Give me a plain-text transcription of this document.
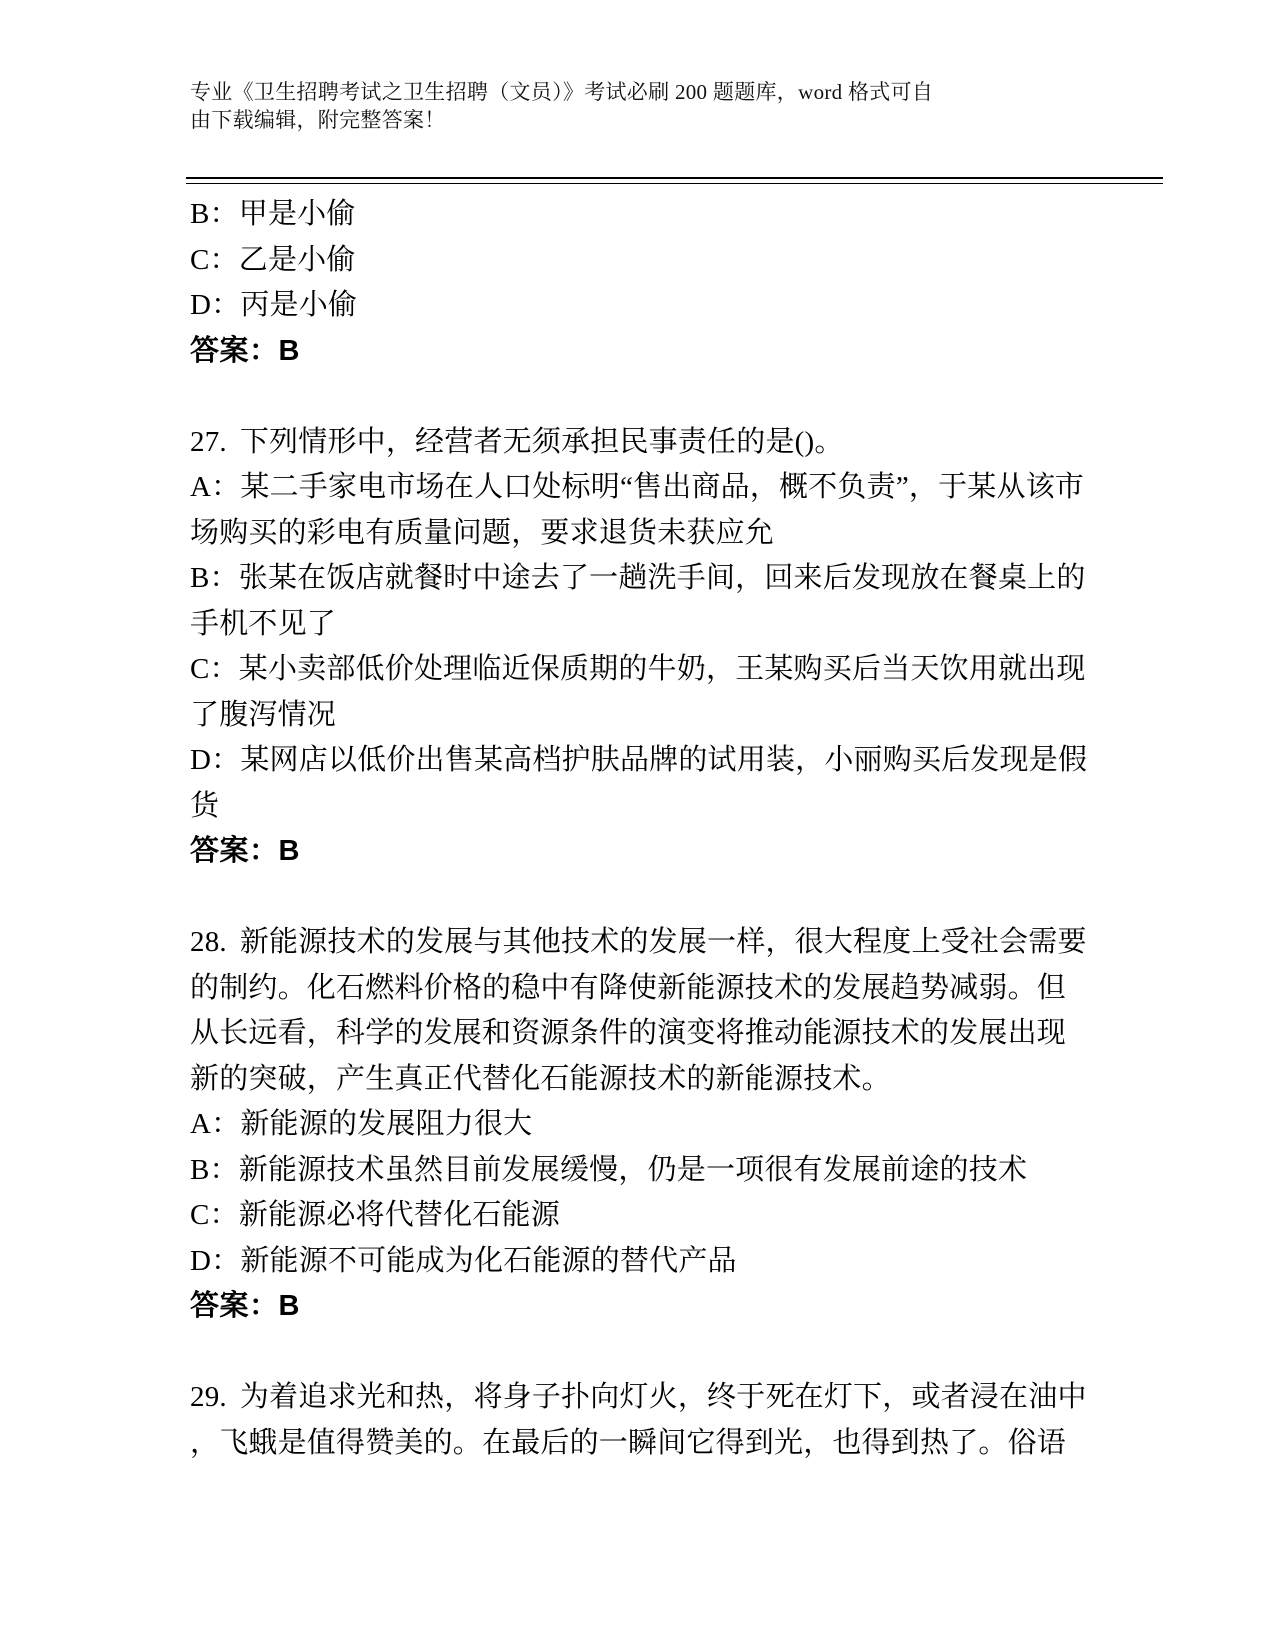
专业《卫生招聘考试之卫生招聘（文员）》考试必刷 200 题题库，word 格式可自
由下载编辑，附完整答案！

B：甲是小偷

C：乙是小偷

D：丙是小偷

答案：B

27. 下列情形中，经营者无须承担民事责任的是()。

A：某二手家电市场在人口处标明“售出商品，概不负责”，于某从该市场购买的彩电有质量问题，要求退货未获应允

B：张某在饭店就餐时中途去了一趟洗手间，回来后发现放在餐桌上的手机不见了

C：某小卖部低价处理临近保质期的牛奶，王某购买后当天饮用就出现了腹泻情况

D：某网店以低价出售某高档护肤品牌的试用装，小丽购买后发现是假货

答案：B

28. 新能源技术的发展与其他技术的发展一样，很大程度上受社会需要的制约。化石燃料价格的稳中有降使新能源技术的发展趋势减弱。但从长远看，科学的发展和资源条件的演变将推动能源技术的发展出现新的突破，产生真正代替化石能源技术的新能源技术。

A：新能源的发展阻力很大

B：新能源技术虽然目前发展缓慢，仍是一项很有发展前途的技术

C：新能源必将代替化石能源

D：新能源不可能成为化石能源的替代产品

答案：B

29. 为着追求光和热，将身子扑向灯火，终于死在灯下，或者浸在油中，飞蛾是值得赞美的。在最后的一瞬间它得到光，也得到热了。俗语
